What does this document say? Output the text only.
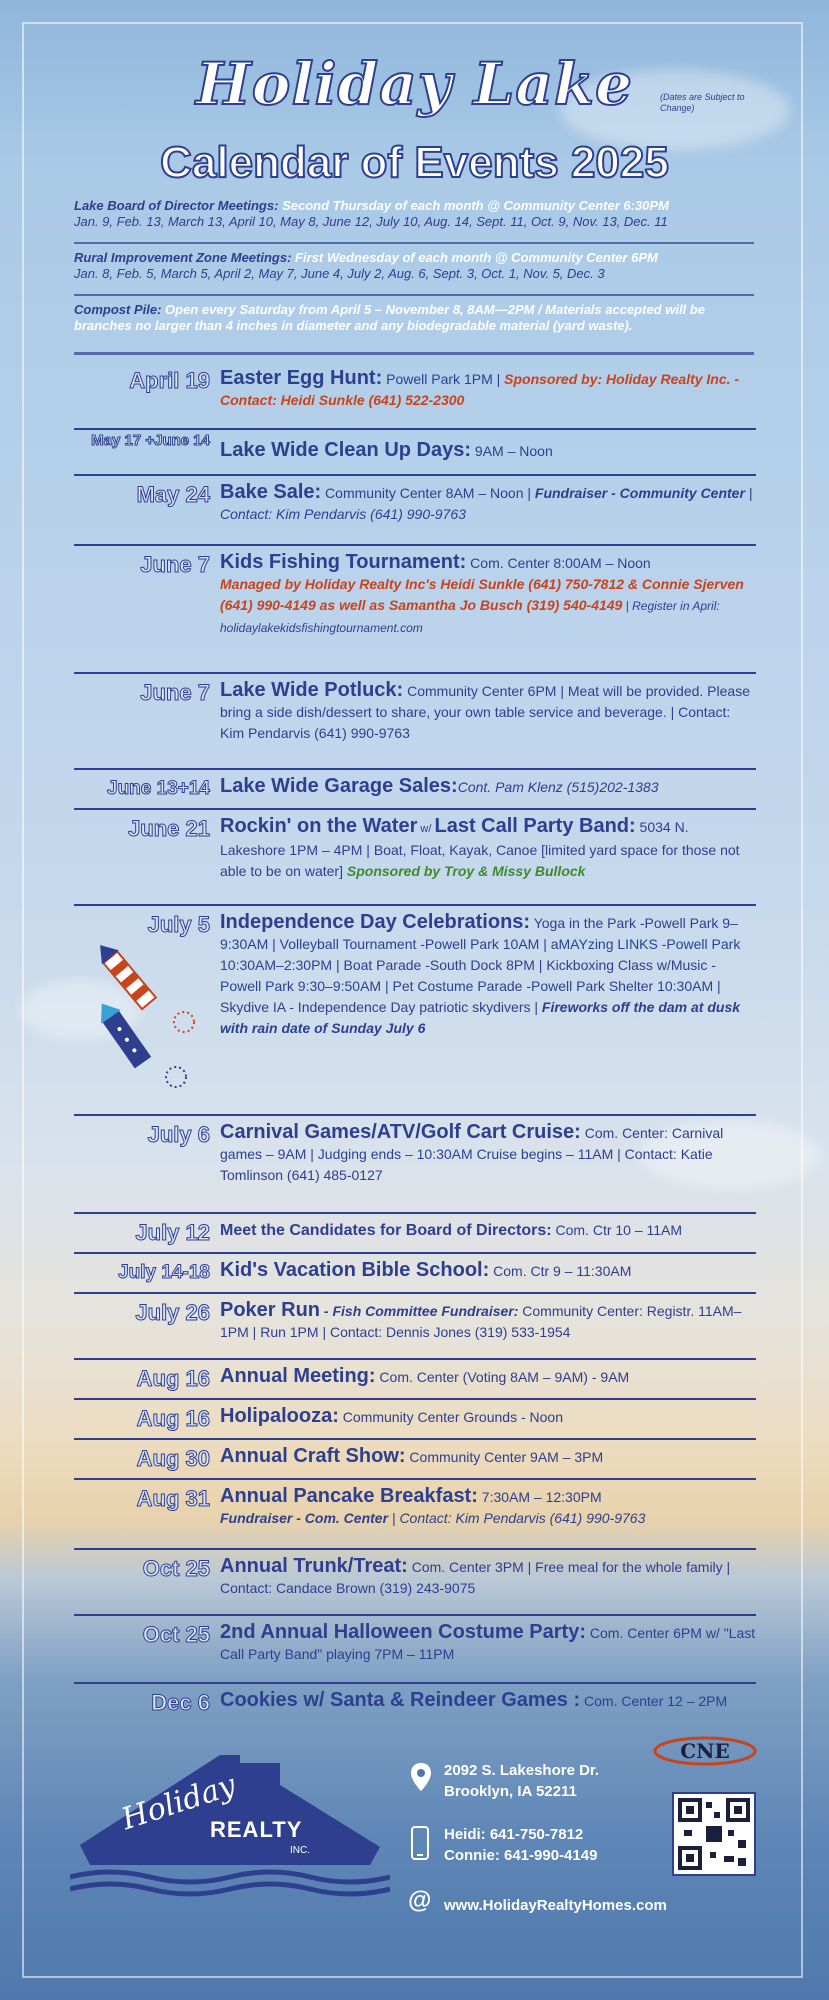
Holiday Lake	(Dates are Subject to Change)
Calendar of Events 2025
Lake Board of Director Meetings: Second Thursday of each month @ Community Center 6:30PM
Jan. 9, Feb. 13, March 13, April 10, May 8, June 12, July 10, Aug. 14, Sept. 11, Oct. 9, Nov. 13, Dec. 11
Rural Improvement Zone Meetings: First Wednesday of each month @ Community Center 6PM
Jan. 8, Feb. 5, March 5, April 2, May 7, June 4, July 2, Aug. 6, Sept. 3, Oct. 1, Nov. 5, Dec. 3
Compost Pile: Open every Saturday from April 5 – November 8, 8AM—2PM / Materials accepted will be branches no larger than 4 inches in diameter and any biodegradable material (yard waste).
April 19 Easter Egg Hunt: Powell Park 1PM | Sponsored by: Holiday Realty Inc. - Contact: Heidi Sunkle (641) 522-2300
May 17 +June 14 Lake Wide Clean Up Days: 9AM – Noon
May 24 Bake Sale: Community Center 8AM – Noon | Fundraiser - Community Center | Contact: Kim Pendarvis (641) 990-9763
June 7 Kids Fishing Tournament: Com. Center 8:00AM – Noon
Managed by Holiday Realty Inc's Heidi Sunkle (641) 750-7812 & Connie Sjerven (641) 990-4149 as well as Samantha Jo Busch (319) 540-4149 | Register in April: holidaylakekidsfishingtournament.com
June 7 Lake Wide Potluck: Community Center 6PM | Meat will be provided. Please bring a side dish/dessert to share, your own table service and beverage. | Contact: Kim Pendarvis (641) 990-9763
June 13+14 Lake Wide Garage Sales:Cont. Pam Klenz (515)202-1383
June 21 Rockin' on the Water w/ Last Call Party Band: 5034 N. Lakeshore 1PM – 4PM | Boat, Float, Kayak, Canoe [limited yard space for those not able to be on water] Sponsored by Troy & Missy Bullock
July 5 Independence Day Celebrations: Yoga in the Park -Powell Park 9–9:30AM | Volleyball Tournament -Powell Park 10AM | aMAYzing LINKS -Powell Park 10:30AM–2:30PM | Boat Parade -South Dock 8PM | Kickboxing Class w/Music -Powell Park 9:30–9:50AM | Pet Costume Parade -Powell Park Shelter 10:30AM | Skydive IA - Independence Day patriotic skydivers | Fireworks off the dam at dusk with rain date of Sunday July 6
July 6 Carnival Games/ATV/Golf Cart Cruise: Com. Center: Carnival games – 9AM | Judging ends – 10:30AM Cruise begins – 11AM | Contact: Katie Tomlinson (641) 485-0127
July 12 Meet the Candidates for Board of Directors: Com. Ctr 10 – 11AM
July 14-18 Kid's Vacation Bible School: Com. Ctr 9 – 11:30AM
July 26 Poker Run - Fish Committee Fundraiser: Community Center: Registr. 11AM–1PM | Run 1PM | Contact: Dennis Jones (319) 533-1954
Aug 16 Annual Meeting: Com. Center (Voting 8AM – 9AM) - 9AM
Aug 16 Holipalooza: Community Center Grounds - Noon
Aug 30 Annual Craft Show: Community Center 9AM – 3PM
Aug 31 Annual Pancake Breakfast: 7:30AM – 12:30PM
Fundraiser - Com. Center | Contact: Kim Pendarvis (641) 990-9763
Oct 25 Annual Trunk/Treat: Com. Center 3PM | Free meal for the whole family | Contact: Candace Brown (319) 243-9075
Oct 25 2nd Annual Halloween Costume Party: Com. Center 6PM w/ "Last Call Party Band" playing 7PM – 11PM
Dec 6 Cookies w/ Santa & Reindeer Games : Com. Center 12 – 2PM
Holiday
REALTY
INC.
CNE
2092 S. Lakeshore Dr.
Brooklyn, IA 52211
Heidi: 641-750-7812
Connie: 641-990-4149
@ www.HolidayRealtyHomes.com
